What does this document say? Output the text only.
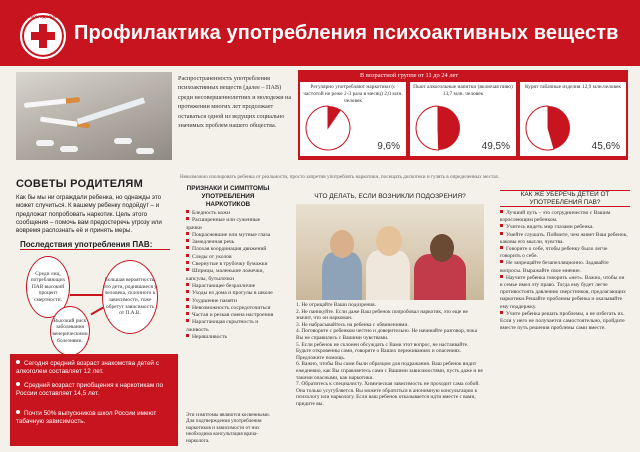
«ЗАКОН ЗДОРОВЬЯ»
Профилактика употребления психоактивных веществ
Распространенность употребления психоактивных веществ (далее – ПАВ) среди несовершеннолетних и молодежи на протяжении многих лет продолжает оставаться одной из ведущих социально значимых проблем нашего общества.
В возрастной группе от 11 до 24 лет
Регулярно употребляют наркотики (с частотой не реже 2-3 раза в месяц) 2,0 млн. человек
9,6%
Пьют алкогольные напитки (включая пиво) 13,7 млн. человек
49,5%
Курят табачные изделия 12,9 млн.человек
45,6%
Невозможно изолировать ребенка от реальности, просто запретив употреблять наркотики, посещать дискотеки и гулять в определенных местах.
СОВЕТЫ РОДИТЕЛЯМ
Как бы мы ни ограждали ребенка, но однажды это может случиться. К вашему ребенку подойдут – и предложат попробовать наркотик. Цель этого сообщения – помочь вам предостеречь угрозу или вовремя распознать её и принять меры.
Последствия употребления ПАВ:
Среди лиц, потребляющих ПАВ высокий процент смертности.
Высокий риск заболевания венерическими болезнями.
Большая вероятность, что дети, родившиеся у человека, склонного к зависимости, тоже обретут зависимость от П.А.В.
Сегодня средний возраст знакомства детей с алкоголем составляет 12 лет.
Средний возраст приобщения к наркотикам по России составляет 14,5 лет.
Почти 50% выпускников школ России имеют табачную зависимость.
ПРИЗНАКИ И СИМПТОМЫ УПОТРЕБЛЕНИЯ НАРКОТИКОВ
Бледность кожи
Расширенные или суженные зрачки
Покрасневшие или мутные глаза
Замедленная речь
Плохая координация движений
Следы от уколов
Свернутые в трубочку бумажки
Шприцы, маленькие ложечки, капсулы, бутылочки
Нарастающее безразличие
Уходы из дома и прогулы в школе
Ухудшение памяти
Невозможность сосредоточиться
Частая и резкая смена настроения
Нарастающая скрытность и лживость
Неряшливость
Эти симптомы являются косвенными. Для подтверждения употребления наркотиков и зависимости от них необходима консультация врача-нарколога.
ЧТО ДЕЛАТЬ, ЕСЛИ ВОЗНИКЛИ ПОДОЗРЕНИЯ?
1. Не отрицайте Ваши подозрения.
2. Не паникуйте. Если даже Ваш ребенок попробовал наркотик, это еще не значит, что он наркоман.
3. Не набрасывайтесь на ребенка с обвинениями.
4. Поговорите с ребенком честно и доверительно. Не начинайте разговор, пока Вы не справились с Вашими чувствами.
5. Если ребенок не склонен обсуждать с Вами этот вопрос, не настаивайте. Будьте откровенны сами, говорите о Ваших переживаниях и опасениях. Предложите помощь.
6. Важно, чтобы Вы сами были образцом для подражания. Ваш ребенок видит ежедневно, как Вы справляетесь сами с Вашими зависимостями, пусть даже и не такими опасными, как наркотики.
7. Обратитесь к специалисту. Химическая зависимость не проходит сама собой. Она только усугубляется. Вы можете обратиться в анонимную консультацию к психологу или наркологу. Если ваш ребенок отказывается идти вместе с вами, придите вы.
КАК ЖЕ УБЕРЕЧЬ ДЕТЕЙ ОТ УПОТРЕБЛЕНИЯ ПАВ?
Лучший путь – это сотрудничество с Вашим взрослеющим ребенком.
Учитесь видеть мир глазами ребенка.
Умейте слушать. Поймите, чем живет Ваш ребенок, каковы его мысли, чувства.
Говорите о себе, чтобы ребенку было легче говорить о себе.
Не запрещайте безапелляционно. Задавайте вопросы. Выражайте свое мнение.
Научите ребенка говорить «нет». Важно, чтобы он в семье имел эту право. Тогда ему будет легче противостоять давлению сверстников, предлагающих наркотики.Решайте проблемы ребенка и оказывайте ему поддержку.
Учите ребенка решать проблемы, а не избегать их. Если у него не получается самостоятельно, пройдите вместе путь решения проблемы сами вместе.
